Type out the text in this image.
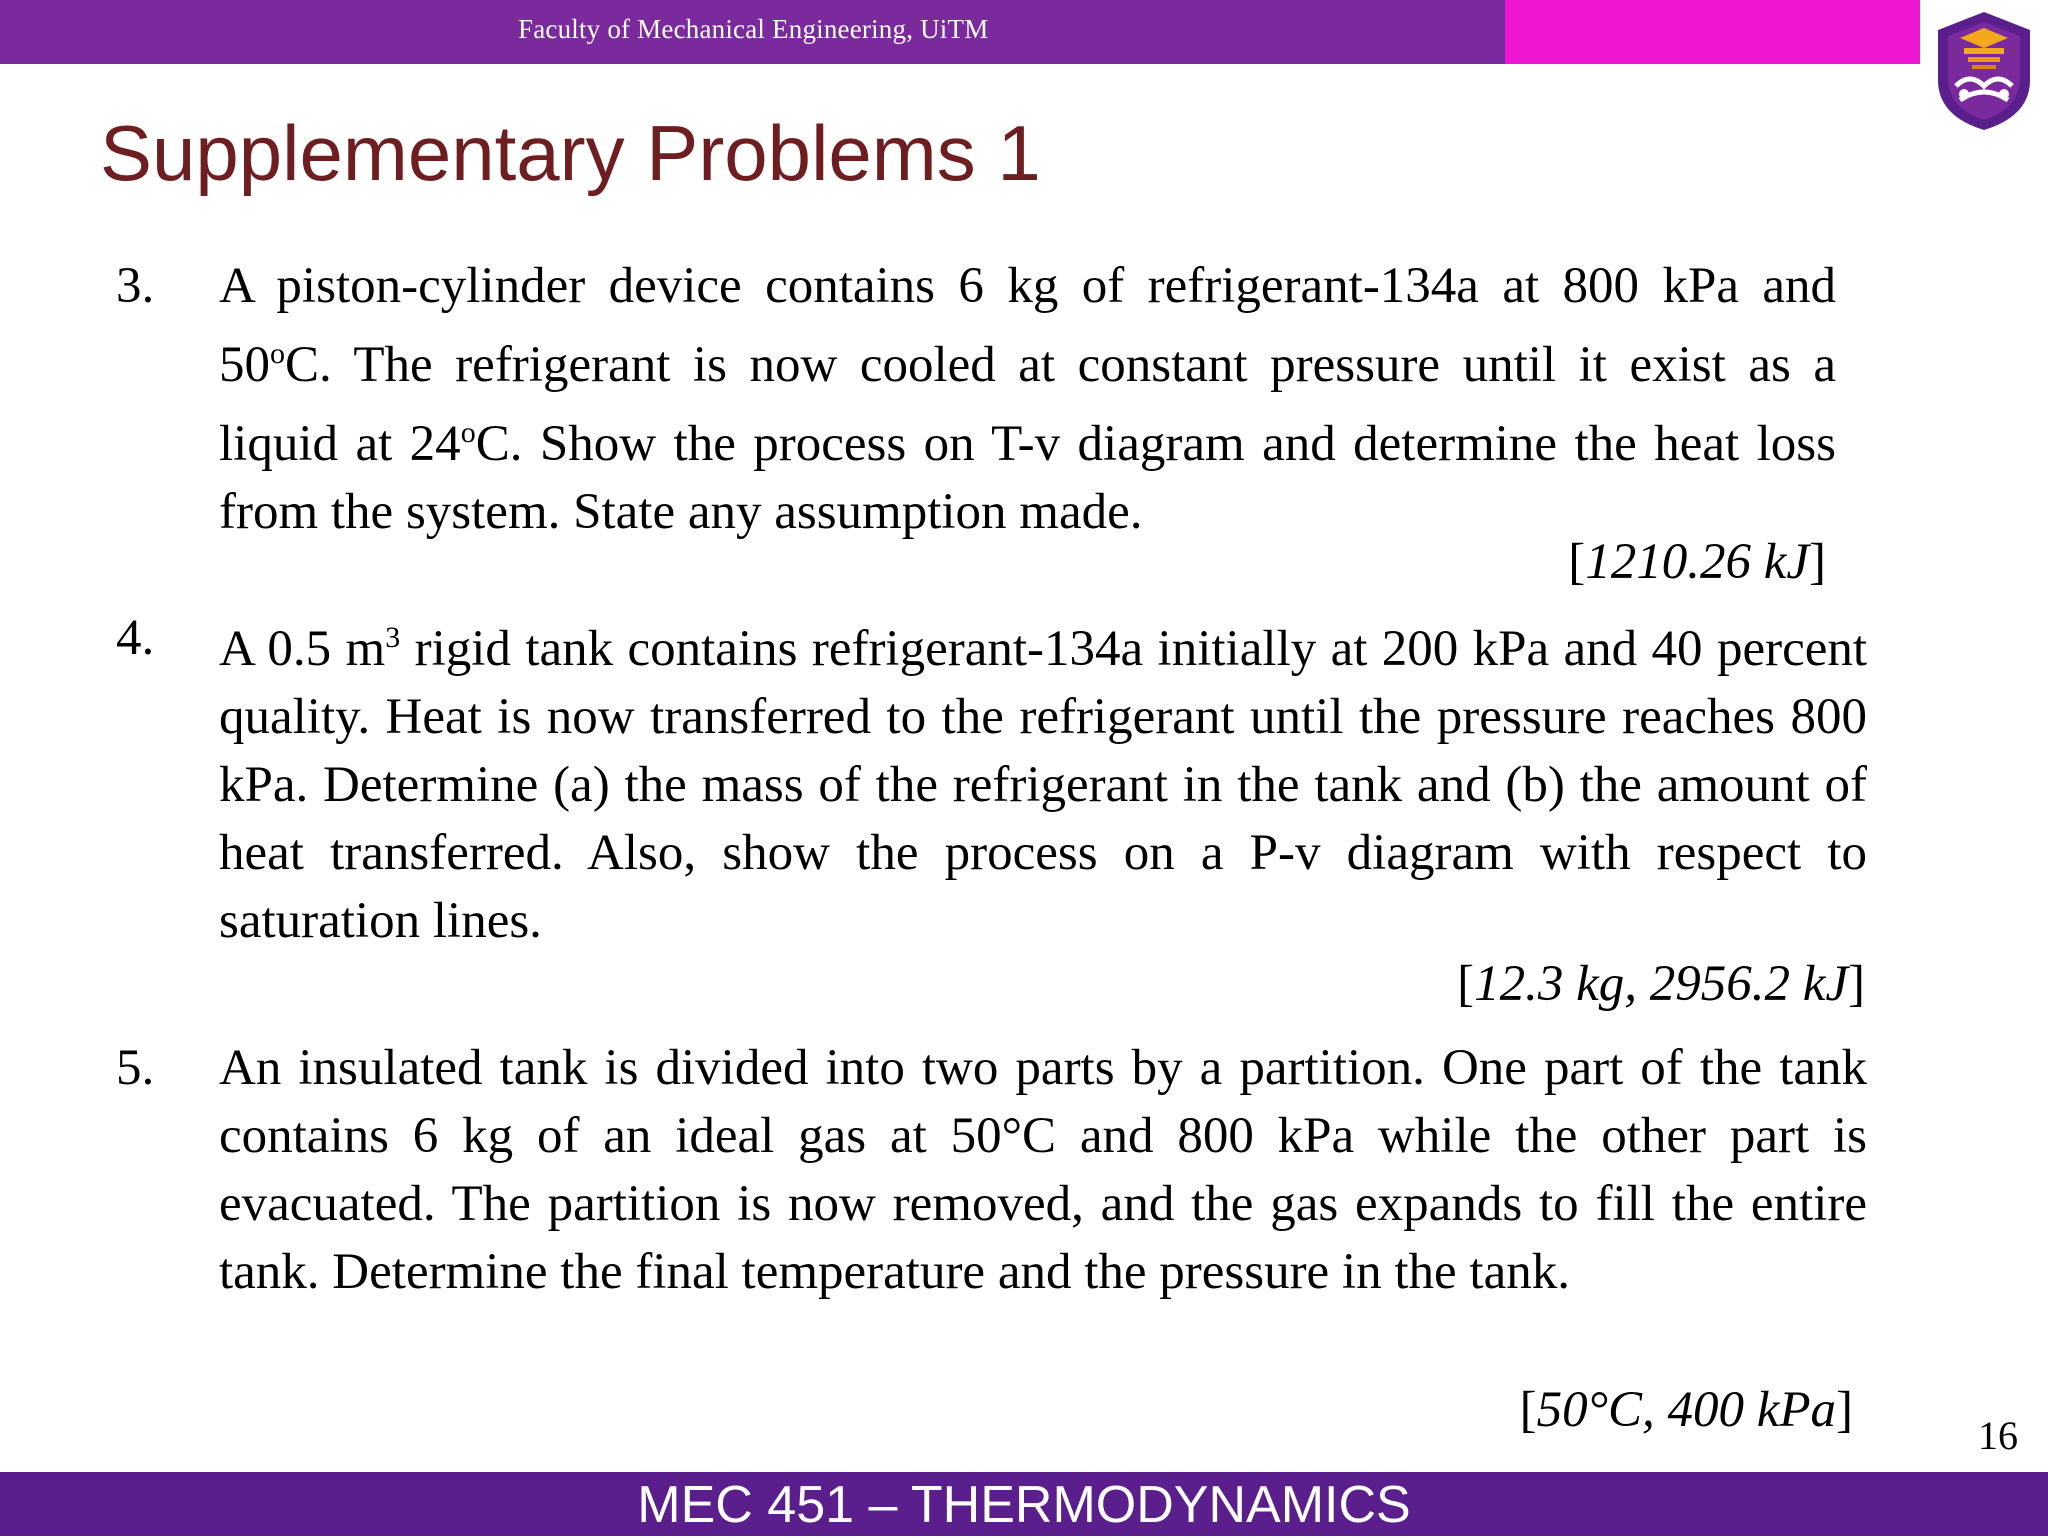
Faculty of Mechanical Engineering, UiTM
Supplementary Problems 1
3. A piston-cylinder device contains 6 kg of refrigerant-134a at 800 kPa and 50$^o$C. The refrigerant is now cooled at constant pressure until it exist as a liquid at 24$^o$C. Show the process on T-v diagram and determine the heat loss from the system. State any assumption made.

[1210.26 kJ]
4. A 0.5 $m^3$ rigid tank contains refrigerant-134a initially at 200 kPa and 40 percent quality. Heat is now transferred to the refrigerant until the pressure reaches 800 kPa. Determine (a) the mass of the refrigerant in the tank and (b) the amount of heat transferred. Also, show the process on a P-v diagram with respect to saturation lines.

[12.3 kg, 2956.2 kJ]
5. An insulated tank is divided into two parts by a partition. One part of the tank contains 6 kg of an ideal gas at 50°C and 800 kPa while the other part is evacuated. The partition is now removed, and the gas expands to fill the entire tank. Determine the final temperature and the pressure in the tank.

[50°C, 400 kPa]	16
MEC 451 – THERMODYNAMICS
